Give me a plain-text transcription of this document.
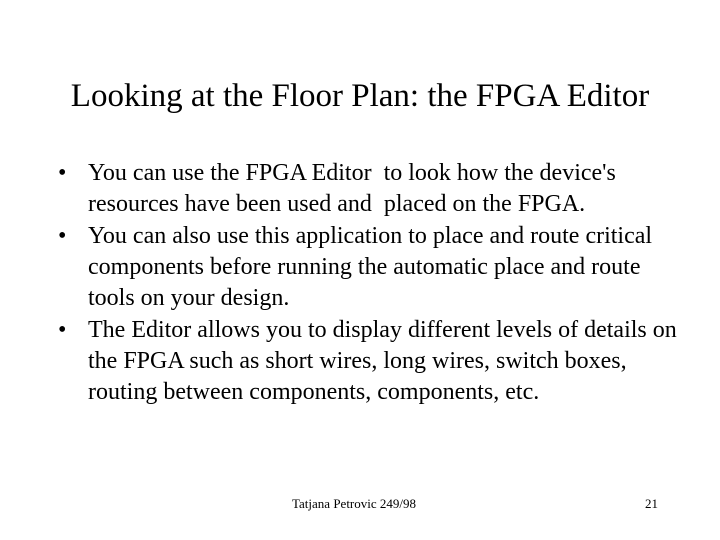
Looking at the Floor Plan: the FPGA Editor
• You can use the FPGA Editor  to look how the device's resources have been used and  placed on the FPGA.
• You can also use this application to place and route critical components before running the automatic place and route tools on your design.
• The Editor allows you to display different levels of details on the FPGA such as short wires, long wires, switch boxes, routing between components, components, etc.
Tatjana Petrovic 249/98	21
